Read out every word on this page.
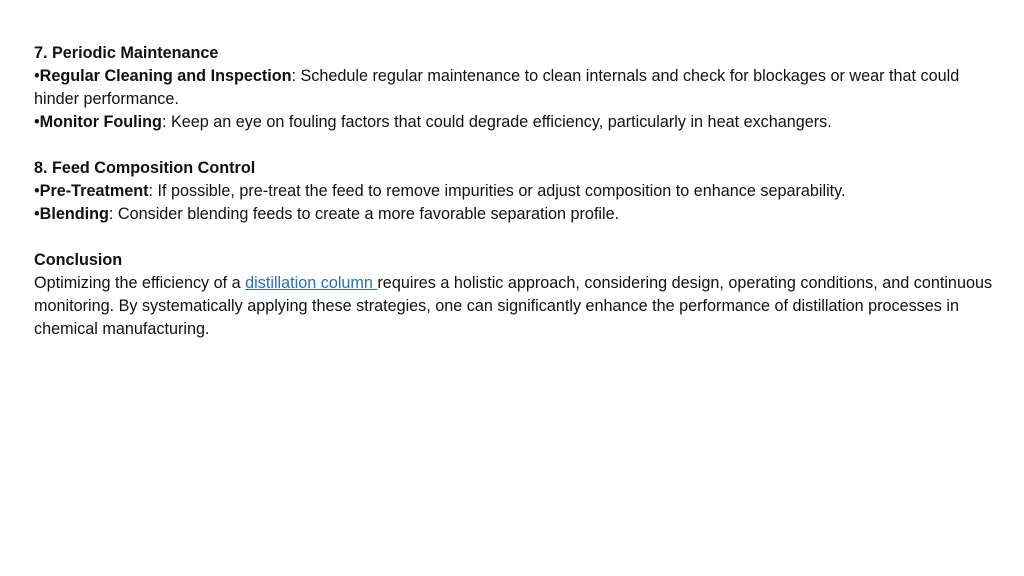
7. Periodic Maintenance

•Regular Cleaning and Inspection: Schedule regular maintenance to clean internals and check for blockages or wear that could hinder performance.

•Monitor Fouling: Keep an eye on fouling factors that could degrade efficiency, particularly in heat exchangers.

8. Feed Composition Control

•Pre-Treatment: If possible, pre-treat the feed to remove impurities or adjust composition to enhance separability.

•Blending: Consider blending feeds to create a more favorable separation profile.

Conclusion

Optimizing the efficiency of a distillation column requires a holistic approach, considering design, operating conditions, and continuous monitoring. By systematically applying these strategies, one can significantly enhance the performance of distillation processes in chemical manufacturing.
